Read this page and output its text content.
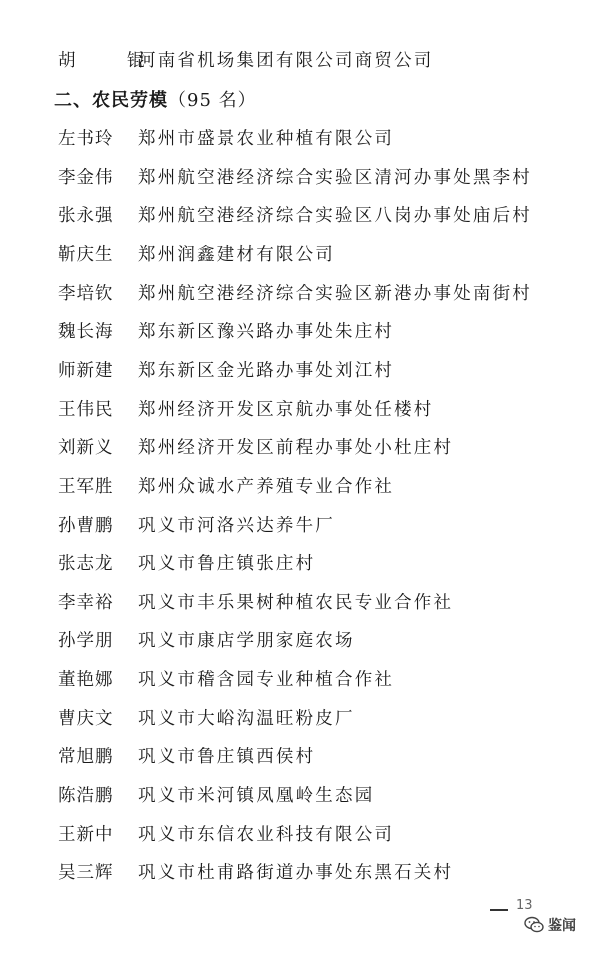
胡　锟河南省机场集团有限公司商贸公司
二、农民劳模（95 名）
左书玲 郑州市盛景农业种植有限公司
李金伟 郑州航空港经济综合实验区清河办事处黑李村
张永强 郑州航空港经济综合实验区八岗办事处庙后村
靳庆生 郑州润鑫建材有限公司
李培钦 郑州航空港经济综合实验区新港办事处南街村
魏长海 郑东新区豫兴路办事处朱庄村
师新建 郑东新区金光路办事处刘江村
王伟民 郑州经济开发区京航办事处任楼村
刘新义 郑州经济开发区前程办事处小杜庄村
王军胜 郑州众诚水产养殖专业合作社
孙曹鹏 巩义市河洛兴达养牛厂
张志龙 巩义市鲁庄镇张庄村
李幸裕 巩义市丰乐果树种植农民专业合作社
孙学朋 巩义市康店学朋家庭农场
董艳娜 巩义市稽含园专业种植合作社
曹庆文 巩义市大峪沟温旺粉皮厂
常旭鹏 巩义市鲁庄镇西侯村
陈浩鹏 巩义市米河镇凤凰岭生态园
王新中 巩义市东信农业科技有限公司
吴三辉 巩义市杜甫路街道办事处东黑石关村
13
鉴闻
